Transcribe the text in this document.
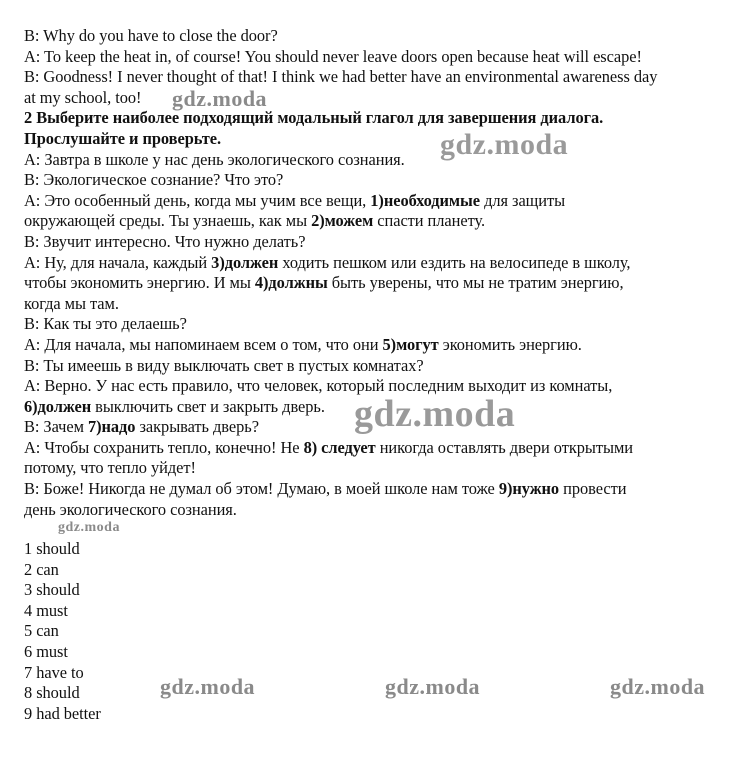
B: Why do you have to close the door?
A: To keep the heat in, of course! You should never leave doors open because heat will escape!
B: Goodness! I never thought of that! I think we had better have an environmental awareness day
at my school, too!
2 Выберите наиболее подходящий модальный глагол для завершения диалога.
Прослушайте и проверьте.
A: Завтра в школе у нас день экологического сознания.
B: Экологическое сознание? Что это?
A: Это особенный день, когда мы учим все вещи, 1)необходимые для защиты
окружающей среды. Ты узнаешь, как мы 2)можем спасти планету.
B: Звучит интересно. Что нужно делать?
A: Ну, для начала, каждый 3)должен ходить пешком или ездить на велосипеде в школу,
чтобы экономить энергию. И мы 4)должны быть уверены, что мы не тратим энергию,
когда мы там.
B: Как ты это делаешь?
A: Для начала, мы напоминаем всем о том, что они 5)могут экономить энергию.
B: Ты имеешь в виду выключать свет в пустых комнатах?
A: Верно. У нас есть правило, что человек, который последним выходит из комнаты,
6)должен выключить свет и закрыть дверь.
B: Зачем 7)надо закрывать дверь?
A: Чтобы сохранить тепло, конечно! Не 8) следует никогда оставлять двери открытыми
потому, что тепло уйдет!
B: Боже! Никогда не думал об этом! Думаю, в моей школе нам тоже 9)нужно провести
день экологического сознания.
1 should
2 can
3 should
4 must
5 can
6 must
7 have to
8 should
9 had better
gdz.moda
gdz.moda
gdz.moda
gdz.moda
gdz.moda	gdz.moda	gdz.moda
